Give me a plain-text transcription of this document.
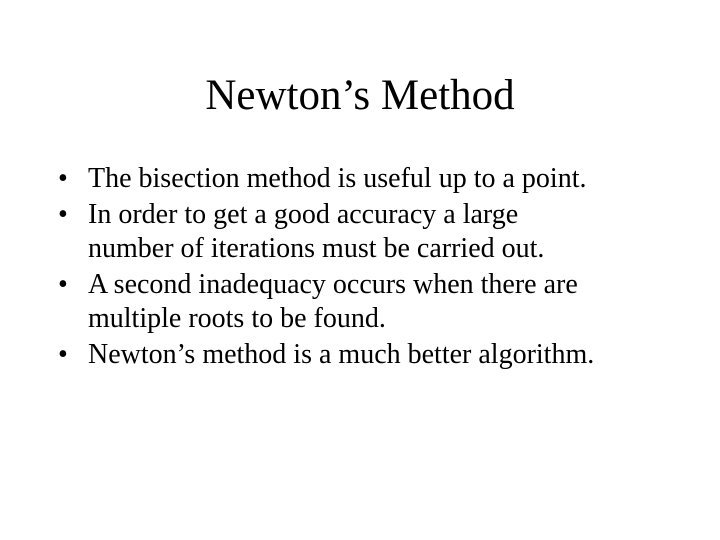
Newton’s Method
• The bisection method is useful up to a point.
• In order to get a good accuracy a large
number of iterations must be carried out.
• A second inadequacy occurs when there are
multiple roots to be found.
• Newton’s method is a much better algorithm.
